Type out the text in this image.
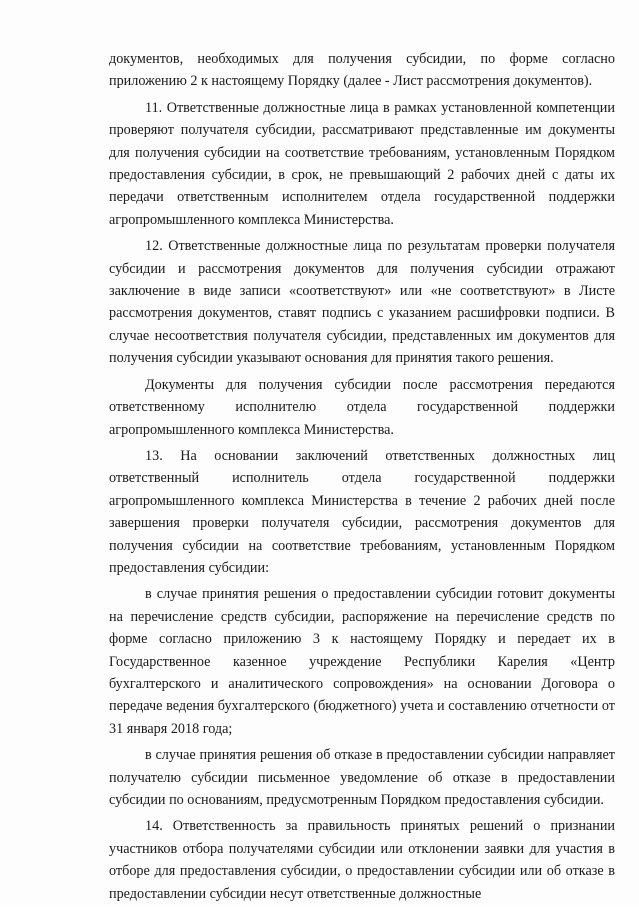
документов, необходимых для получения субсидии, по форме согласно приложению 2 к настоящему Порядку (далее - Лист рассмотрения документов).

11. Ответственные должностные лица в рамках установленной компетенции проверяют получателя субсидии, рассматривают представленные им документы для получения субсидии на соответствие требованиям, установленным Порядком предоставления субсидии, в срок, не превышающий 2 рабочих дней с даты их передачи ответственным исполнителем отдела государственной поддержки агропромышленного комплекса Министерства.

12. Ответственные должностные лица по результатам проверки получателя субсидии и рассмотрения документов для получения субсидии отражают заключение в виде записи «соответствуют» или «не соответствуют» в Листе рассмотрения документов, ставят подпись с указанием расшифровки подписи. В случае несоответствия получателя субсидии, представленных им документов для получения субсидии указывают основания для принятия такого решения.

Документы для получения субсидии после рассмотрения передаются ответственному исполнителю отдела государственной поддержки агропромышленного комплекса Министерства.

13. На основании заключений ответственных должностных лиц ответственный исполнитель отдела государственной поддержки агропромышленного комплекса Министерства в течение 2 рабочих дней после завершения проверки получателя субсидии, рассмотрения документов для получения субсидии на соответствие требованиям, установленным Порядком предоставления субсидии:

в случае принятия решения о предоставлении субсидии готовит документы на перечисление средств субсидии, распоряжение на перечисление средств по форме согласно приложению 3 к настоящему Порядку и передает их в Государственное казенное учреждение Республики Карелия «Центр бухгалтерского и аналитического сопровождения» на основании Договора о передаче ведения бухгалтерского (бюджетного) учета и составлению отчетности от 31 января 2018 года;

в случае принятия решения об отказе в предоставлении субсидии направляет получателю субсидии письменное уведомление об отказе в предоставлении субсидии по основаниям, предусмотренным Порядком предоставления субсидии.

14. Ответственность за правильность принятых решений о признании участников отбора получателями субсидии или отклонении заявки для участия в отборе для предоставления субсидии, о предоставлении субсидии или об отказе в предоставлении субсидии несут ответственные должностные
